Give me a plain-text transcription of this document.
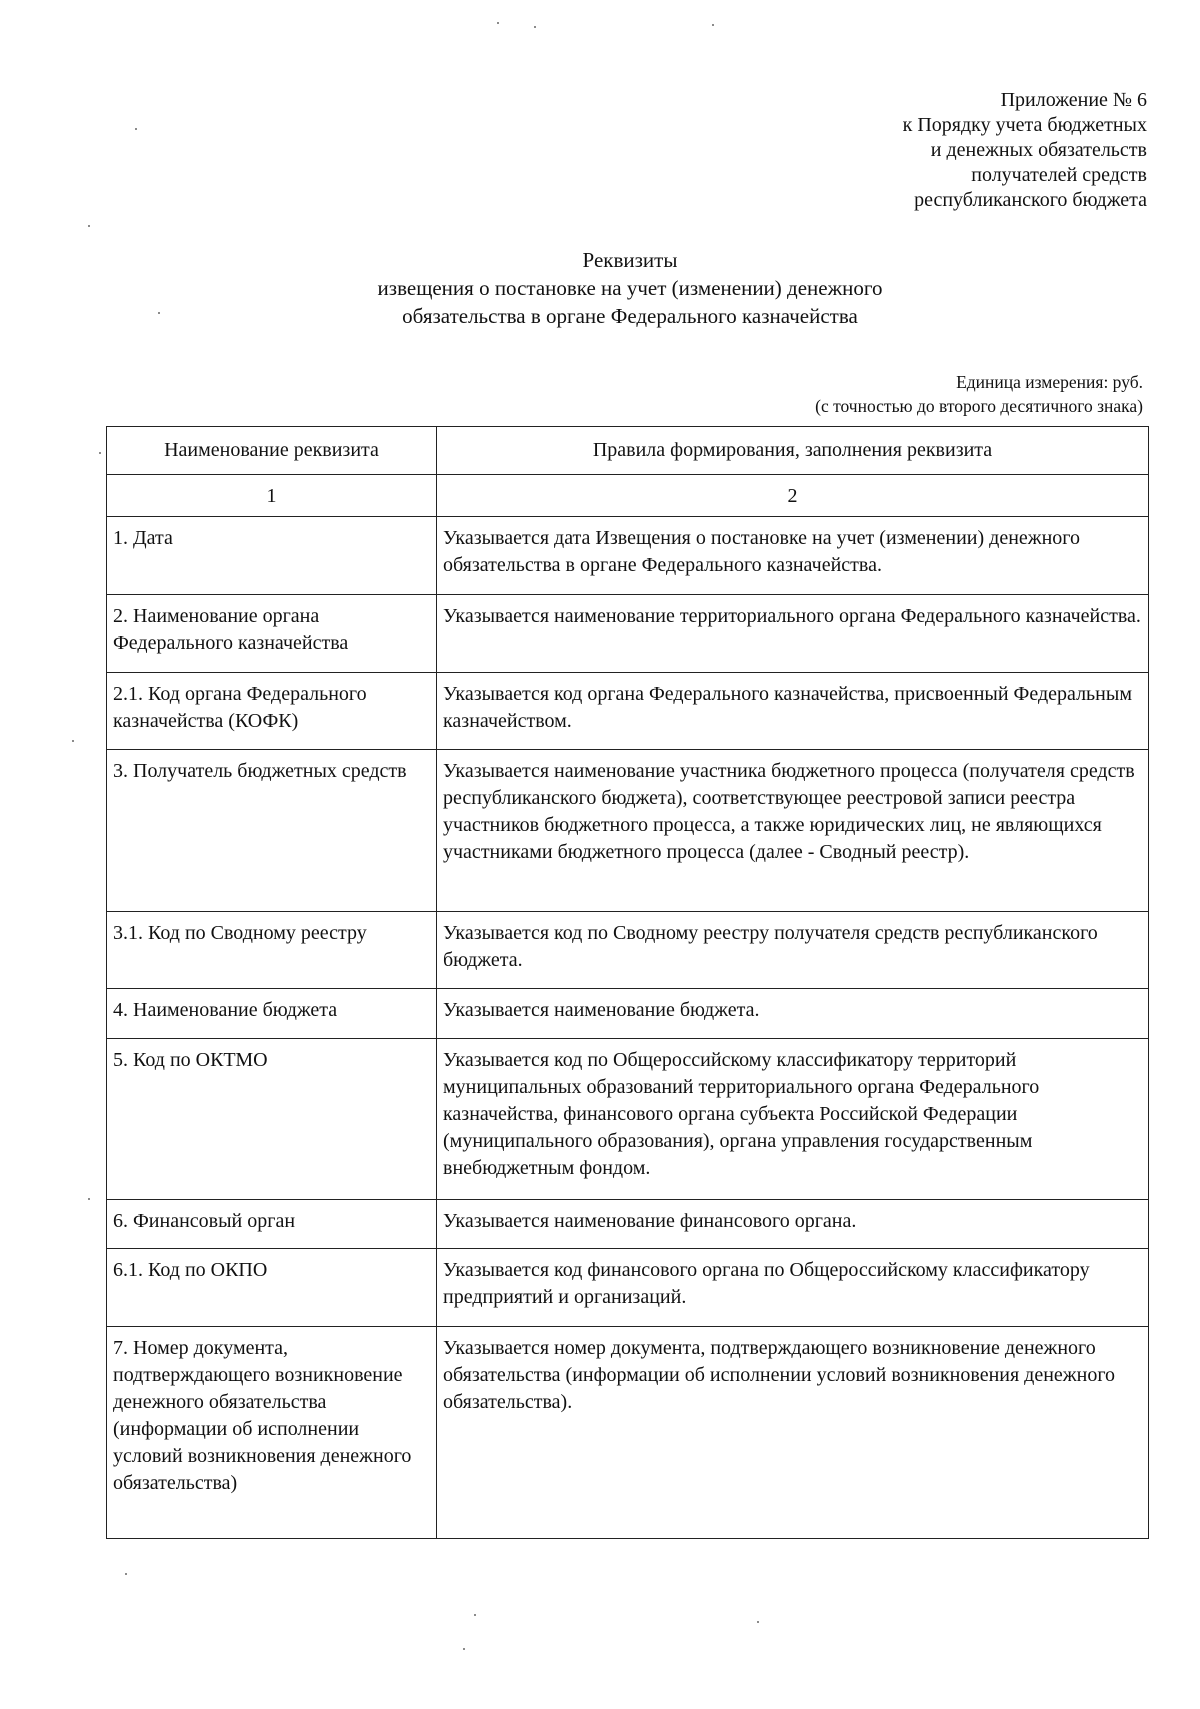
Приложение № 6
к Порядку учета бюджетных
и денежных обязательств
получателей средств
республиканского бюджета
Реквизиты
извещения о постановке на учет (изменении) денежного
обязательства в органе Федерального казначейства
Единица измерения: руб.
(с точностью до второго десятичного знака)
Наименование реквизита	Правила формирования, заполнения реквизита
1	2
1. Дата	Указывается дата Извещения о постановке на учет (изменении) денежного обязательства в органе Федерального казначейства.
2. Наименование органа Федерального казначейства	Указывается наименование территориального органа Федерального казначейства.
2.1. Код органа Федерального казначейства (КОФК)	Указывается код органа Федерального казначейства, присвоенный Федеральным казначейством.
3. Получатель бюджетных средств	Указывается наименование участника бюджетного процесса (получателя средств республиканского бюджета), соответствующее реестровой записи реестра участников бюджетного процесса, а также юридических лиц, не являющихся участниками бюджетного процесса (далее - Сводный реестр).
3.1. Код по Сводному реестру	Указывается код по Сводному реестру получателя средств республиканского бюджета.
4. Наименование бюджета	Указывается наименование бюджета.
5. Код по ОКТМО	Указывается код по Общероссийскому классификатору территорий муниципальных образований территориального органа Федерального казначейства, финансового органа субъекта Российской Федерации (муниципального образования), органа управления государственным внебюджетным фондом.
6. Финансовый орган	Указывается наименование финансового органа.
6.1. Код по ОКПО	Указывается код финансового органа по Общероссийскому классификатору предприятий и организаций.
7. Номер документа, подтверждающего возникновение денежного обязательства (информации об исполнении условий возникновения денежного обязательства)	Указывается номер документа, подтверждающего возникновение денежного обязательства (информации об исполнении условий возникновения денежного обязательства).
